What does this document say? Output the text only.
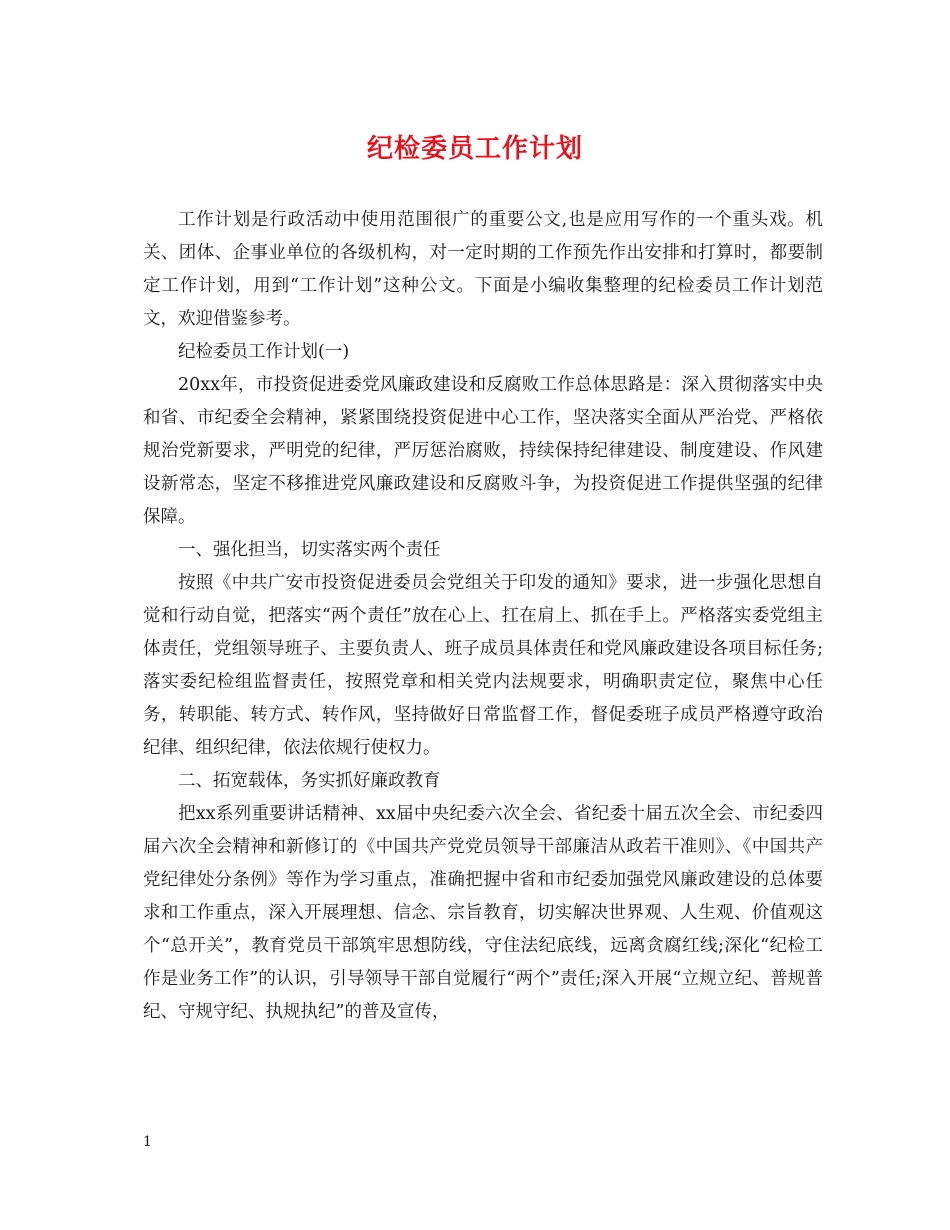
纪检委员工作计划

工作计划是行政活动中使用范围很广的重要公文,也是应用写作的一个重头戏。机关、团体、企事业单位的各级机构，对一定时期的工作预先作出安排和打算时，都要制定工作计划，用到“工作计划”这种公文。下面是小编收集整理的纪检委员工作计划范文，欢迎借鉴参考。

纪检委员工作计划(一)

20xx年，市投资促进委党风廉政建设和反腐败工作总体思路是：深入贯彻落实中央和省、市纪委全会精神，紧紧围绕投资促进中心工作，坚决落实全面从严治党、严格依规治党新要求，严明党的纪律，严厉惩治腐败，持续保持纪律建设、制度建设、作风建设新常态，坚定不移推进党风廉政建设和反腐败斗争，为投资促进工作提供坚强的纪律保障。

一、强化担当，切实落实两个责任

按照《中共广安市投资促进委员会党组关于印发的通知》要求，进一步强化思想自觉和行动自觉，把落实“两个责任”放在心上、扛在肩上、抓在手上。严格落实委党组主体责任，党组领导班子、主要负责人、班子成员具体责任和党风廉政建设各项目标任务;落实委纪检组监督责任，按照党章和相关党内法规要求，明确职责定位，聚焦中心任务，转职能、转方式、转作风，坚持做好日常监督工作，督促委班子成员严格遵守政治纪律、组织纪律，依法依规行使权力。

二、拓宽载体，务实抓好廉政教育

把xx系列重要讲话精神、xx届中央纪委六次全会、省纪委十届五次全会、市纪委四届六次全会精神和新修订的《中国共产党党员领导干部廉洁从政若干准则》、《中国共产党纪律处分条例》等作为学习重点，准确把握中省和市纪委加强党风廉政建设的总体要求和工作重点，深入开展理想、信念、宗旨教育，切实解决世界观、人生观、价值观这个“总开关”，教育党员干部筑牢思想防线，守住法纪底线，远离贪腐红线;深化“纪检工作是业务工作”的认识，引导领导干部自觉履行“两个”责任;深入开展“立规立纪、普规普纪、守规守纪、执规执纪”的普及宣传，

1
